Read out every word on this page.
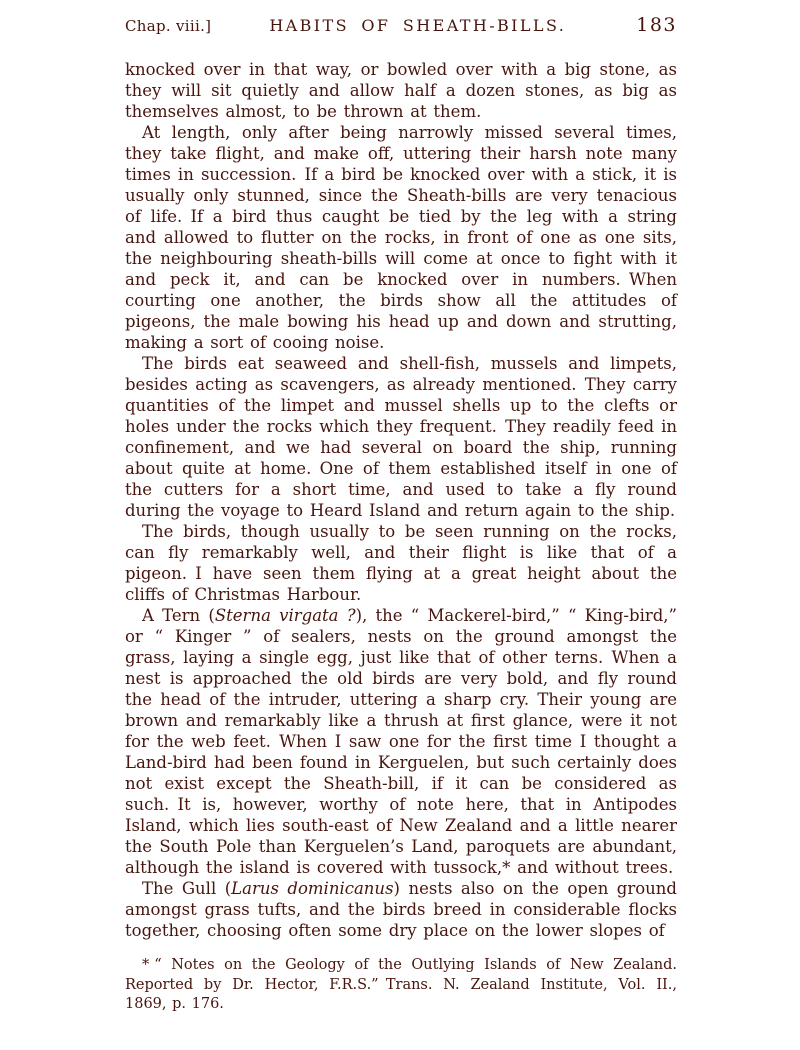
Chap. viii.]	HABITS OF SHEATH-BILLS.	183

knocked over in that way, or bowled over with a big stone, as they will sit quietly and allow half a dozen stones, as big as themselves almost, to be thrown at them.

At length, only after being narrowly missed several times, they take flight, and make off, uttering their harsh note many times in succession. If a bird be knocked over with a stick, it is usually only stunned, since the Sheath-bills are very tenacious of life. If a bird thus caught be tied by the leg with a string and allowed to flutter on the rocks, in front of one as one sits, the neighbouring sheath-bills will come at once to fight with it and peck it, and can be knocked over in numbers. When courting one another, the birds show all the attitudes of pigeons, the male bowing his head up and down and strutting, making a sort of cooing noise.

The birds eat seaweed and shell-fish, mussels and limpets, besides acting as scavengers, as already mentioned. They carry quantities of the limpet and mussel shells up to the clefts or holes under the rocks which they frequent. They readily feed in confinement, and we had several on board the ship, running about quite at home. One of them established itself in one of the cutters for a short time, and used to take a fly round during the voyage to Heard Island and return again to the ship.

The birds, though usually to be seen running on the rocks, can fly remarkably well, and their flight is like that of a pigeon. I have seen them flying at a great height about the cliffs of Christmas Harbour.

A Tern (Sterna virgata ?), the “ Mackerel-bird,” “ King-bird,” or “ Kinger ” of sealers, nests on the ground amongst the grass, laying a single egg, just like that of other terns. When a nest is approached the old birds are very bold, and fly round the head of the intruder, uttering a sharp cry. Their young are brown and remarkably like a thrush at first glance, were it not for the web feet. When I saw one for the first time I thought a Land-bird had been found in Kerguelen, but such certainly does not exist except the Sheath-bill, if it can be considered as such. It is, however, worthy of note here, that in Antipodes Island, which lies south-east of New Zealand and a little nearer the South Pole than Kerguelen’s Land, paroquets are abundant, although the island is covered with tussock,* and without trees.

The Gull (Larus dominicanus) nests also on the open ground amongst grass tufts, and the birds breed in considerable flocks together, choosing often some dry place on the lower slopes of

* “ Notes on the Geology of the Outlying Islands of New Zealand. Reported by Dr. Hector, F.R.S.” Trans. N. Zealand Institute, Vol. II., 1869, p. 176.
